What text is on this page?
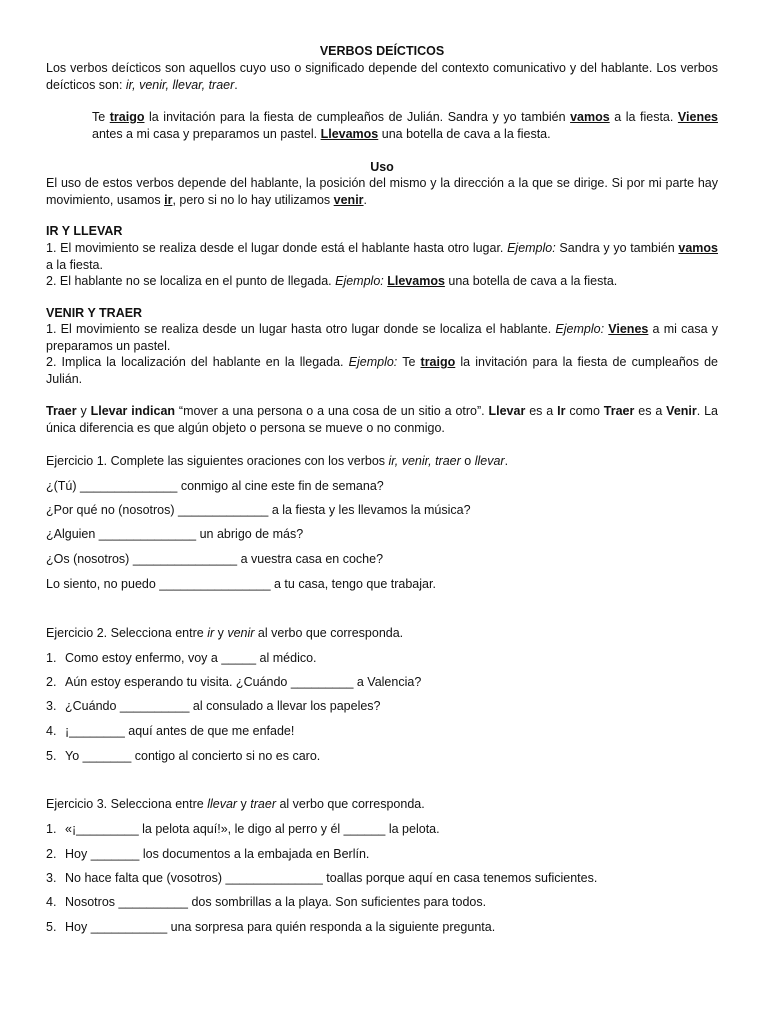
VERBOS DEÍCTICOS
Los verbos deícticos son aquellos cuyo uso o significado depende del contexto comunicativo y del hablante. Los verbos deícticos son: ir, venir, llevar, traer.
Te traigo la invitación para la fiesta de cumpleaños de Julián. Sandra y yo también vamos a la fiesta. Vienes antes a mi casa y preparamos un pastel. Llevamos una botella de cava a la fiesta.
Uso
El uso de estos verbos depende del hablante, la posición del mismo y la dirección a la que se dirige. Si por mi parte hay movimiento, usamos ir, pero si no lo hay utilizamos venir.
IR Y LLEVAR
1. El movimiento se realiza desde el lugar donde está el hablante hasta otro lugar. Ejemplo: Sandra y yo también vamos a la fiesta.
2. El hablante no se localiza en el punto de llegada. Ejemplo: Llevamos una botella de cava a la fiesta.
VENIR Y TRAER
1. El movimiento se realiza desde un lugar hasta otro lugar donde se localiza el hablante. Ejemplo: Vienes a mi casa y preparamos un pastel.
2. Implica la localización del hablante en la llegada. Ejemplo: Te traigo la invitación para la fiesta de cumpleaños de Julián.
Traer y Llevar indican “mover a una persona o a una cosa de un sitio a otro”. Llevar es a Ir como Traer es a Venir. La única diferencia es que algún objeto o persona se mueve o no conmigo.
Ejercicio 1. Complete las siguientes oraciones con los verbos ir, venir, traer o llevar.
¿(Tú) ______________ conmigo al cine este fin de semana?
¿Por qué no (nosotros) _____________ a la fiesta y les llevamos la música?
¿Alguien ______________ un abrigo de más?
¿Os (nosotros) _______________ a vuestra casa en coche?
Lo siento, no puedo ________________ a tu casa, tengo que trabajar.
Ejercicio 2. Selecciona entre ir y venir al verbo que corresponda.
1. Como estoy enfermo, voy a _____ al médico.
2. Aún estoy esperando tu visita. ¿Cuándo _________ a Valencia?
3. ¿Cuándo __________ al consulado a llevar los papeles?
4. ¡________ aquí antes de que me enfade!
5. Yo _______ contigo al concierto si no es caro.
Ejercicio 3. Selecciona entre llevar y traer al verbo que corresponda.
1. «¡_________ la pelota aquí!», le digo al perro y él ______ la pelota.
2. Hoy _______ los documentos a la embajada en Berlín.
3. No hace falta que (vosotros) ______________ toallas porque aquí en casa tenemos suficientes.
4. Nosotros __________ dos sombrillas a la playa. Son suficientes para todos.
5. Hoy ___________ una sorpresa para quién responda a la siguiente pregunta.
